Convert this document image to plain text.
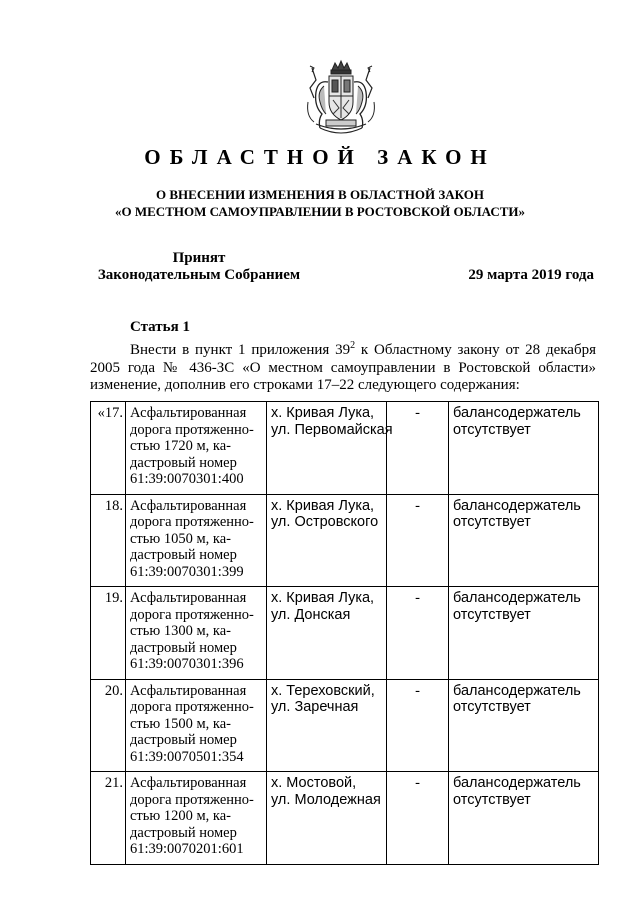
ОБЛАСТНОЙ ЗАКОН
О ВНЕСЕНИИ ИЗМЕНЕНИЯ В ОБЛАСТНОЙ ЗАКОН
«О МЕСТНОМ САМОУПРАВЛЕНИИ В РОСТОВСКОЙ ОБЛАСТИ»
Принят
Законодательным Собранием	29 марта 2019 года
Статья 1
Внести в пункт 1 приложения $39^2$ к Областному закону от 28 декабря
2005 года № 436-ЗС «О местном самоуправлении в Ростовской области»
изменение, дополнив его строками 17–22 следующего содержания:
«17.	Асфальтированная
дорога протяженно-
стью 1720 м, ка-
дастровый номер
61:39:0070301:400	х. Кривая Лука,
ул. Первомайская	-	балансодержатель
отсутствует

18.	Асфальтированная
дорога протяженно-
стью 1050 м, ка-
дастровый номер
61:39:0070301:399	х. Кривая Лука,
ул. Островского	-	балансодержатель
отсутствует

19.	Асфальтированная
дорога протяженно-
стью 1300 м, ка-
дастровый номер
61:39:0070301:396	х. Кривая Лука,
ул. Донская	-	балансодержатель
отсутствует

20.	Асфальтированная
дорога протяженно-
стью 1500 м, ка-
дастровый номер
61:39:0070501:354	х. Тереховский,
ул. Заречная	-	балансодержатель
отсутствует

21.	Асфальтированная
дорога протяженно-
стью 1200 м, ка-
дастровый номер
61:39:0070201:601	х. Мостовой,
ул. Молодежная	-	балансодержатель
отсутствует
